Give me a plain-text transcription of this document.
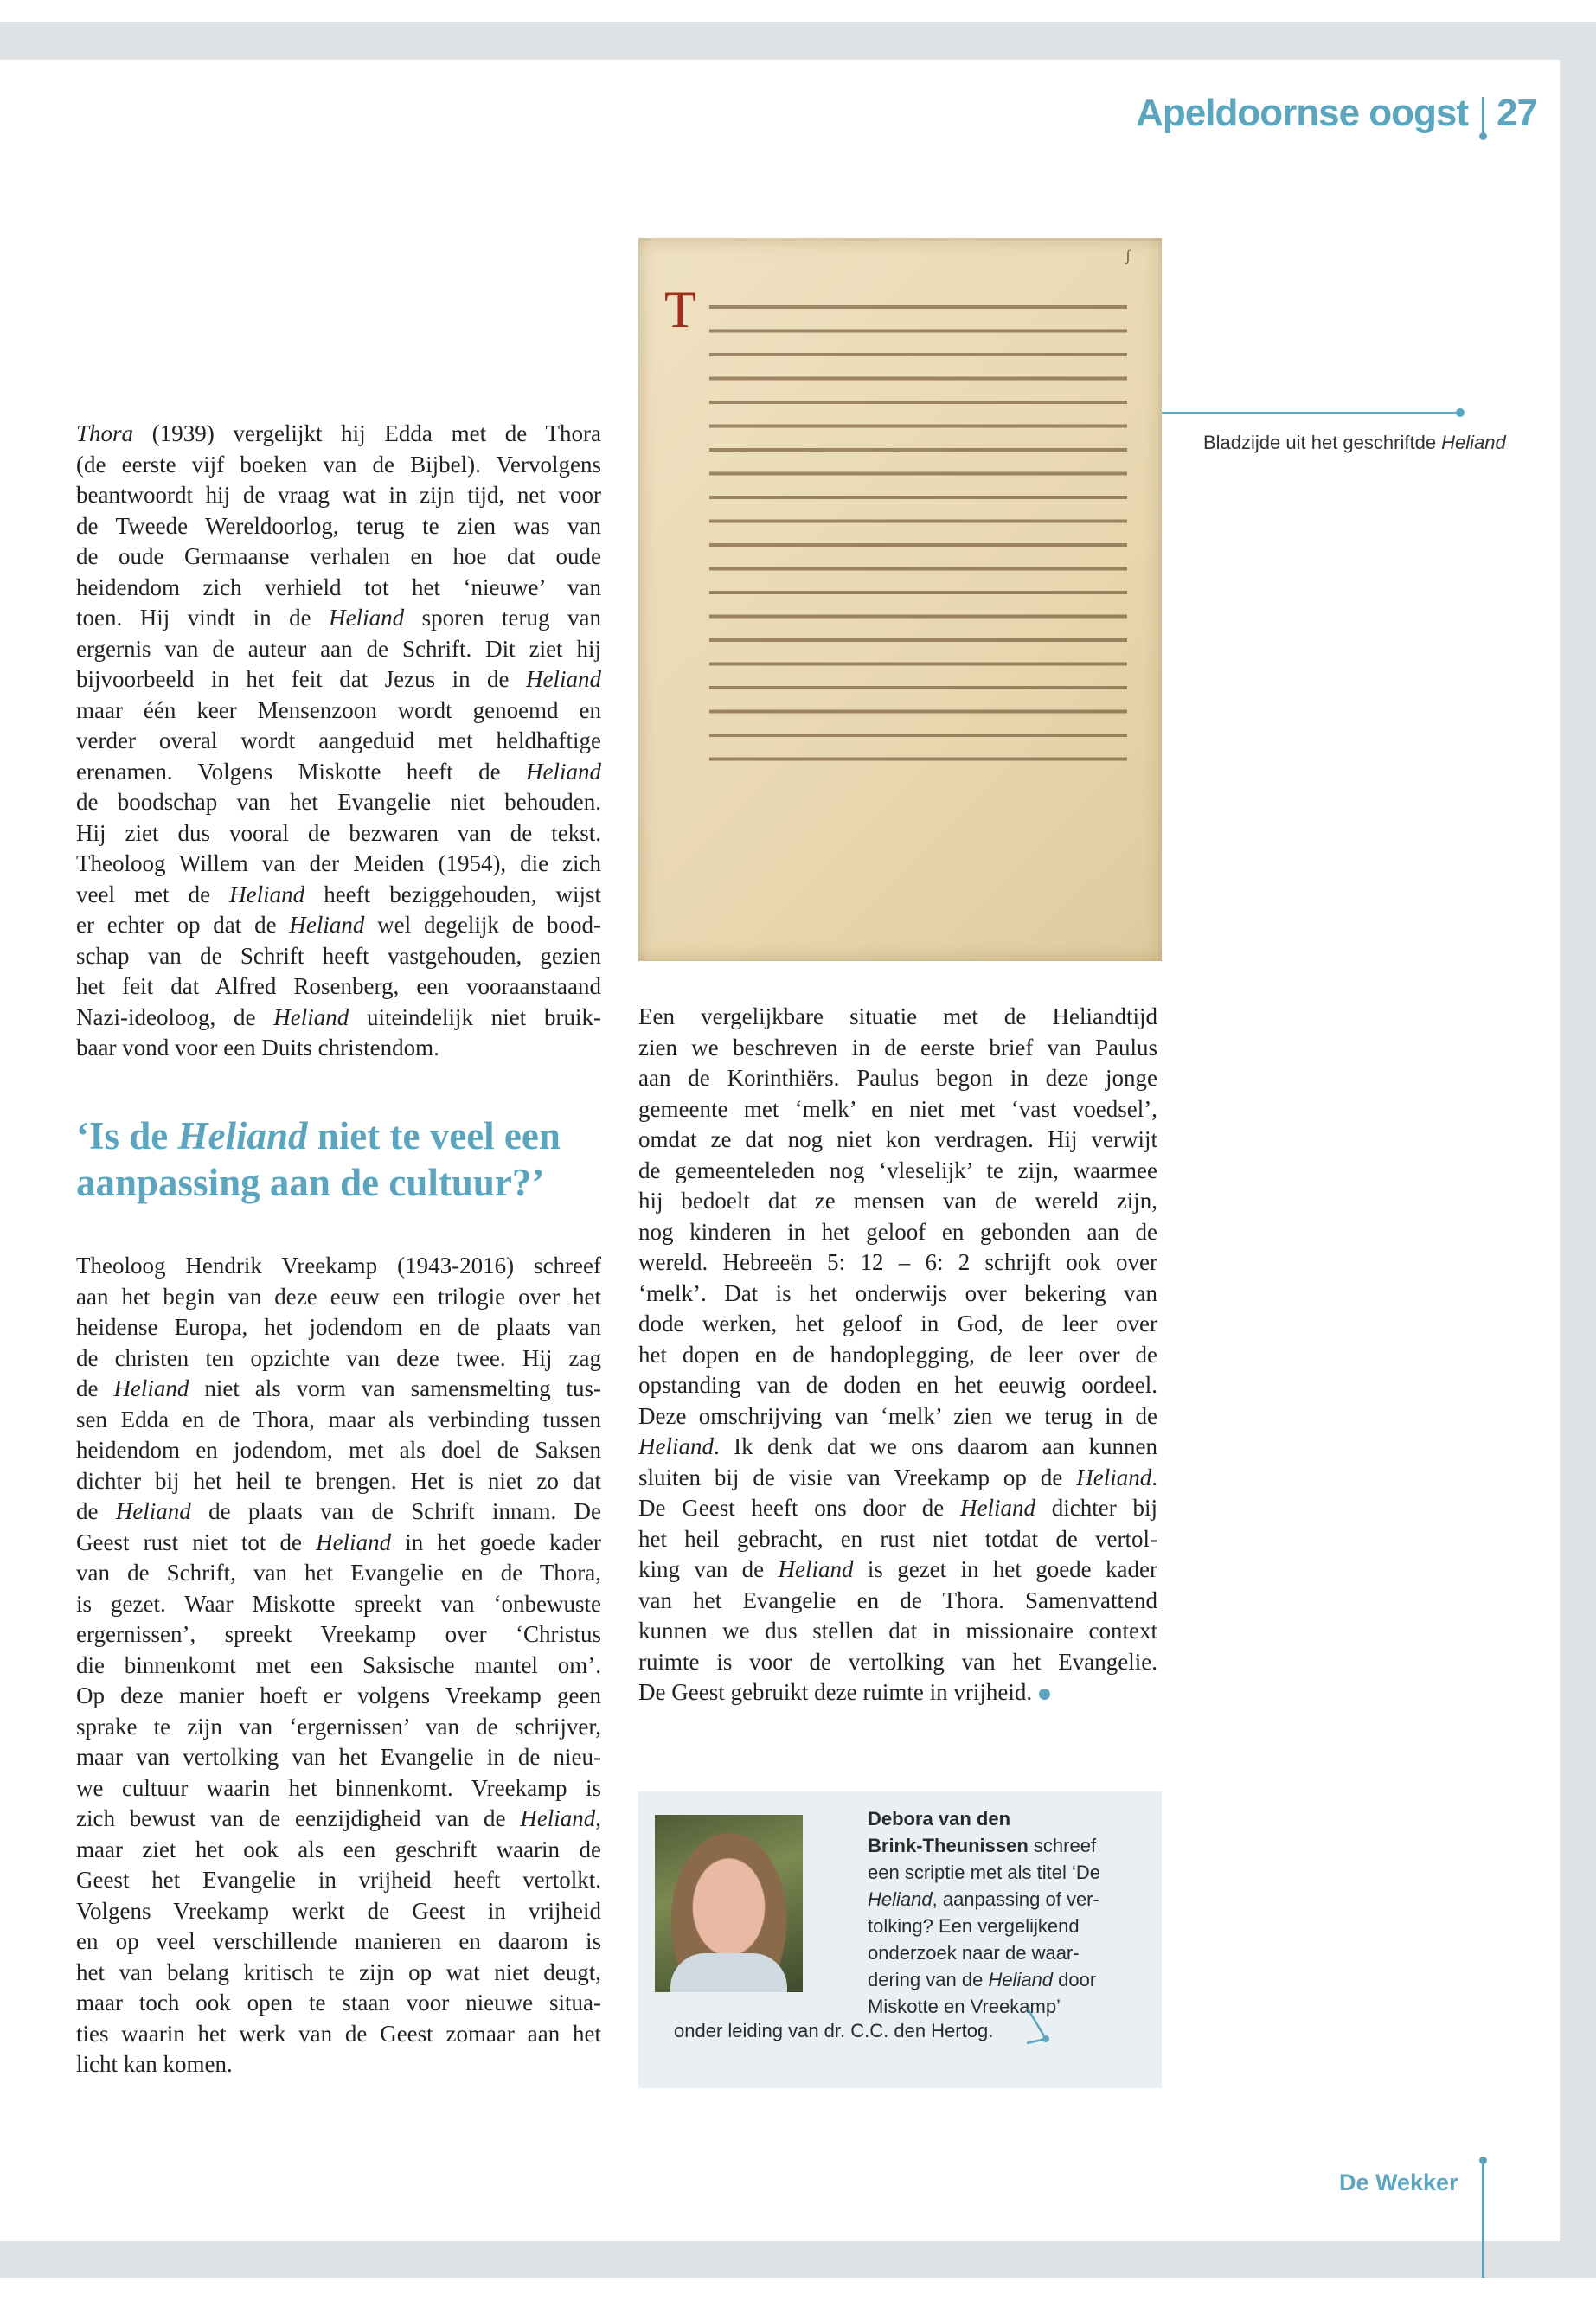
Apeldoornse oogst 27
Thora (1939) vergelijkt hij Edda met de Thora
(de eerste vijf boeken van de Bijbel). Vervolgens
beantwoordt hij de vraag wat in zijn tijd, net voor
de Tweede Wereldoorlog, terug te zien was van
de oude Germaanse verhalen en hoe dat oude
heidendom zich verhield tot het ‘nieuwe’ van
toen. Hij vindt in de Heliand sporen terug van
ergernis van de auteur aan de Schrift. Dit ziet hij
bijvoorbeeld in het feit dat Jezus in de Heliand
maar één keer Mensenzoon wordt genoemd en
verder overal wordt aangeduid met heldhaftige
erenamen. Volgens Miskotte heeft de Heliand
de boodschap van het Evangelie niet behouden.
Hij ziet dus vooral de bezwaren van de tekst.
Theoloog Willem van der Meiden (1954), die zich
veel met de Heliand heeft beziggehouden, wijst
er echter op dat de Heliand wel degelijk de bood-
schap van de Schrift heeft vastgehouden, gezien
het feit dat Alfred Rosenberg, een vooraanstaand
Nazi-ideoloog, de Heliand uiteindelijk niet bruik-
baar vond voor een Duits christendom.
‘Is de Heliand niet te veel een
aanpassing aan de cultuur?’
Theoloog Hendrik Vreekamp (1943-2016) schreef
aan het begin van deze eeuw een trilogie over het
heidense Europa, het jodendom en de plaats van
de christen ten opzichte van deze twee. Hij zag
de Heliand niet als vorm van samensmelting tus-
sen Edda en de Thora, maar als verbinding tussen
heidendom en jodendom, met als doel de Saksen
dichter bij het heil te brengen. Het is niet zo dat
de Heliand de plaats van de Schrift innam. De
Geest rust niet tot de Heliand in het goede kader
van de Schrift, van het Evangelie en de Thora,
is gezet. Waar Miskotte spreekt van ‘onbewuste
ergernissen’, spreekt Vreekamp over ‘Christus
die binnenkomt met een Saksische mantel om’.
Op deze manier hoeft er volgens Vreekamp geen
sprake te zijn van ‘ergernissen’ van de schrijver,
maar van vertolking van het Evangelie in de nieu-
we cultuur waarin het binnenkomt. Vreekamp is
zich bewust van de eenzijdigheid van de Heliand,
maar ziet het ook als een geschrift waarin de
Geest het Evangelie in vrijheid heeft vertolkt.
Volgens Vreekamp werkt de Geest in vrijheid
en op veel verschillende manieren en daarom is
het van belang kritisch te zijn op wat niet deugt,
maar toch ook open te staan voor nieuwe situa-
ties waarin het werk van de Geest zomaar aan het
licht kan komen.
T
ʃ
Bladzijde uit het geschriftde Heliand
Een vergelijkbare situatie met de Heliandtijd
zien we beschreven in de eerste brief van Paulus
aan de Korinthiërs. Paulus begon in deze jonge
gemeente met ‘melk’ en niet met ‘vast voedsel’,
omdat ze dat nog niet kon verdragen. Hij verwijt
de gemeenteleden nog ‘vleselijk’ te zijn, waarmee
hij bedoelt dat ze mensen van de wereld zijn,
nog kinderen in het geloof en gebonden aan de
wereld. Hebreeën 5: 12 – 6: 2 schrijft ook over
‘melk’. Dat is het onderwijs over bekering van
dode werken, het geloof in God, de leer over
het dopen en de handoplegging, de leer over de
opstanding van de doden en het eeuwig oordeel.
Deze omschrijving van ‘melk’ zien we terug in de
Heliand. Ik denk dat we ons daarom aan kunnen
sluiten bij de visie van Vreekamp op de Heliand.
De Geest heeft ons door de Heliand dichter bij
het heil gebracht, en rust niet totdat de vertol-
king van de Heliand is gezet in het goede kader
van het Evangelie en de Thora. Samenvattend
kunnen we dus stellen dat in missionaire context
ruimte is voor de vertolking van het Evangelie.
De Geest gebruikt deze ruimte in vrijheid.
Debora van den
Brink-Theunissen schreef
een scriptie met als titel ‘De
Heliand, aanpassing of ver-
tolking? Een vergelijkend
onderzoek naar de waar-
dering van de Heliand door
Miskotte en Vreekamp’
onder leiding van dr. C.C. den Hertog.
De Wekker
